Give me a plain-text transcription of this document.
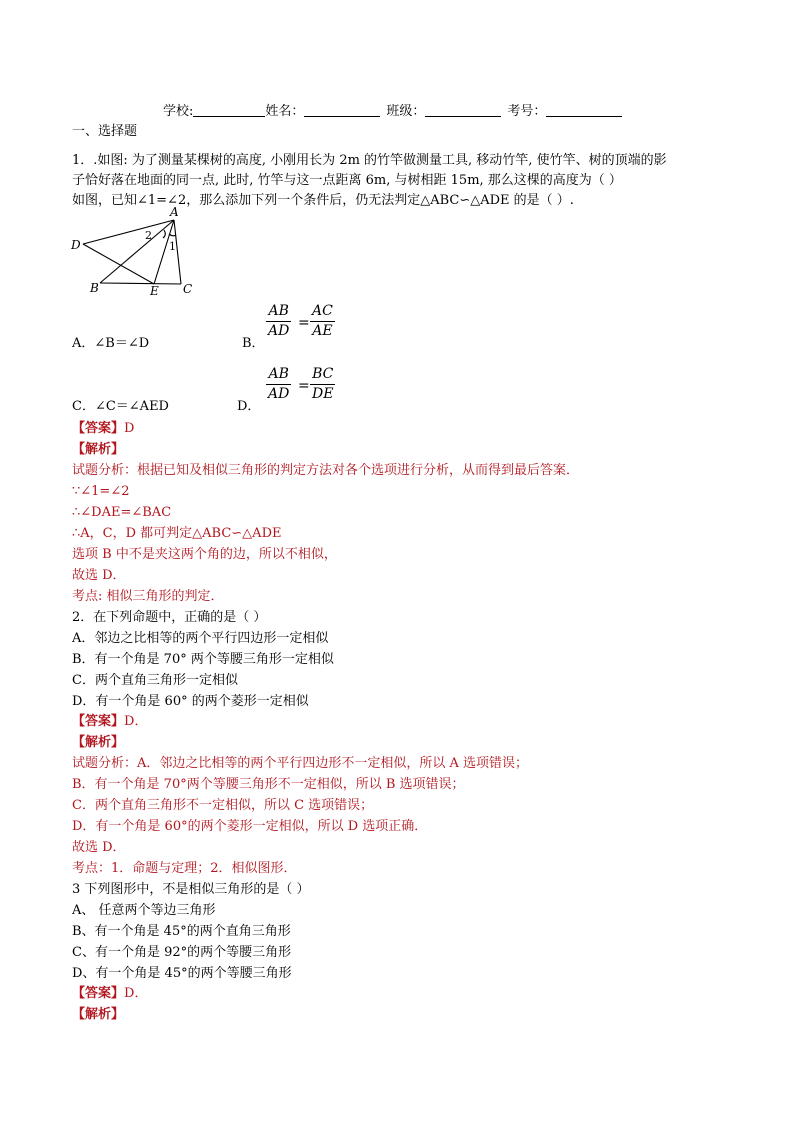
学校:	姓名：	班级：	考号：
一、选择题
1．.如图: 为了测量某棵树的高度, 小刚用长为 2m 的竹竿做测量工具, 移动竹竿, 使竹竿、树的顶端的影
子恰好落在地面的同一点, 此时, 竹竿与这一点距离 6m, 与树相距 15m, 那么这棵的高度为（ ）
如图，已知∠1=∠2，那么添加下列一个条件后，仍无法判定△ABC∽△ADE 的是（ ）.
A
D
B	E C
1
2
A．∠B＝∠D	B．
AB
AD =
AC
AE
C．∠C＝∠AED	D．
AB
AD =
BC
DE
【答案】D
【解析】
试题分析：根据已知及相似三角形的判定方法对各个选项进行分析，从而得到最后答案．
∵∠1=∠2
∴∠DAE=∠BAC
∴A，C，D 都可判定△ABC∽△ADE
选项 B 中不是夹这两个角的边，所以不相似，
故选 D．
考点: 相似三角形的判定．
2．在下列命题中，正确的是（ ）
A．邻边之比相等的两个平行四边形一定相似
B．有一个角是 70° 两个等腰三角形一定相似
C．两个直角三角形一定相似
D．有一个角是 60° 的两个菱形一定相似
【答案】D．
【解析】
试题分析：A．邻边之比相等的两个平行四边形不一定相似，所以 A 选项错误；
B．有一个角是 70°两个等腰三角形不一定相似，所以 B 选项错误；
C．两个直角三角形不一定相似，所以 C 选项错误；
D．有一个角是 60°的两个菱形一定相似，所以 D 选项正确．
故选 D．
考点：1．命题与定理；2．相似图形．
3 下列图形中，不是相似三角形的是（ ）
A、 任意两个等边三角形
B、有一个角是 45°的两个直角三角形
C、有一个角是 92°的两个等腰三角形
D、有一个角是 45°的两个等腰三角形
【答案】D．
【解析】
